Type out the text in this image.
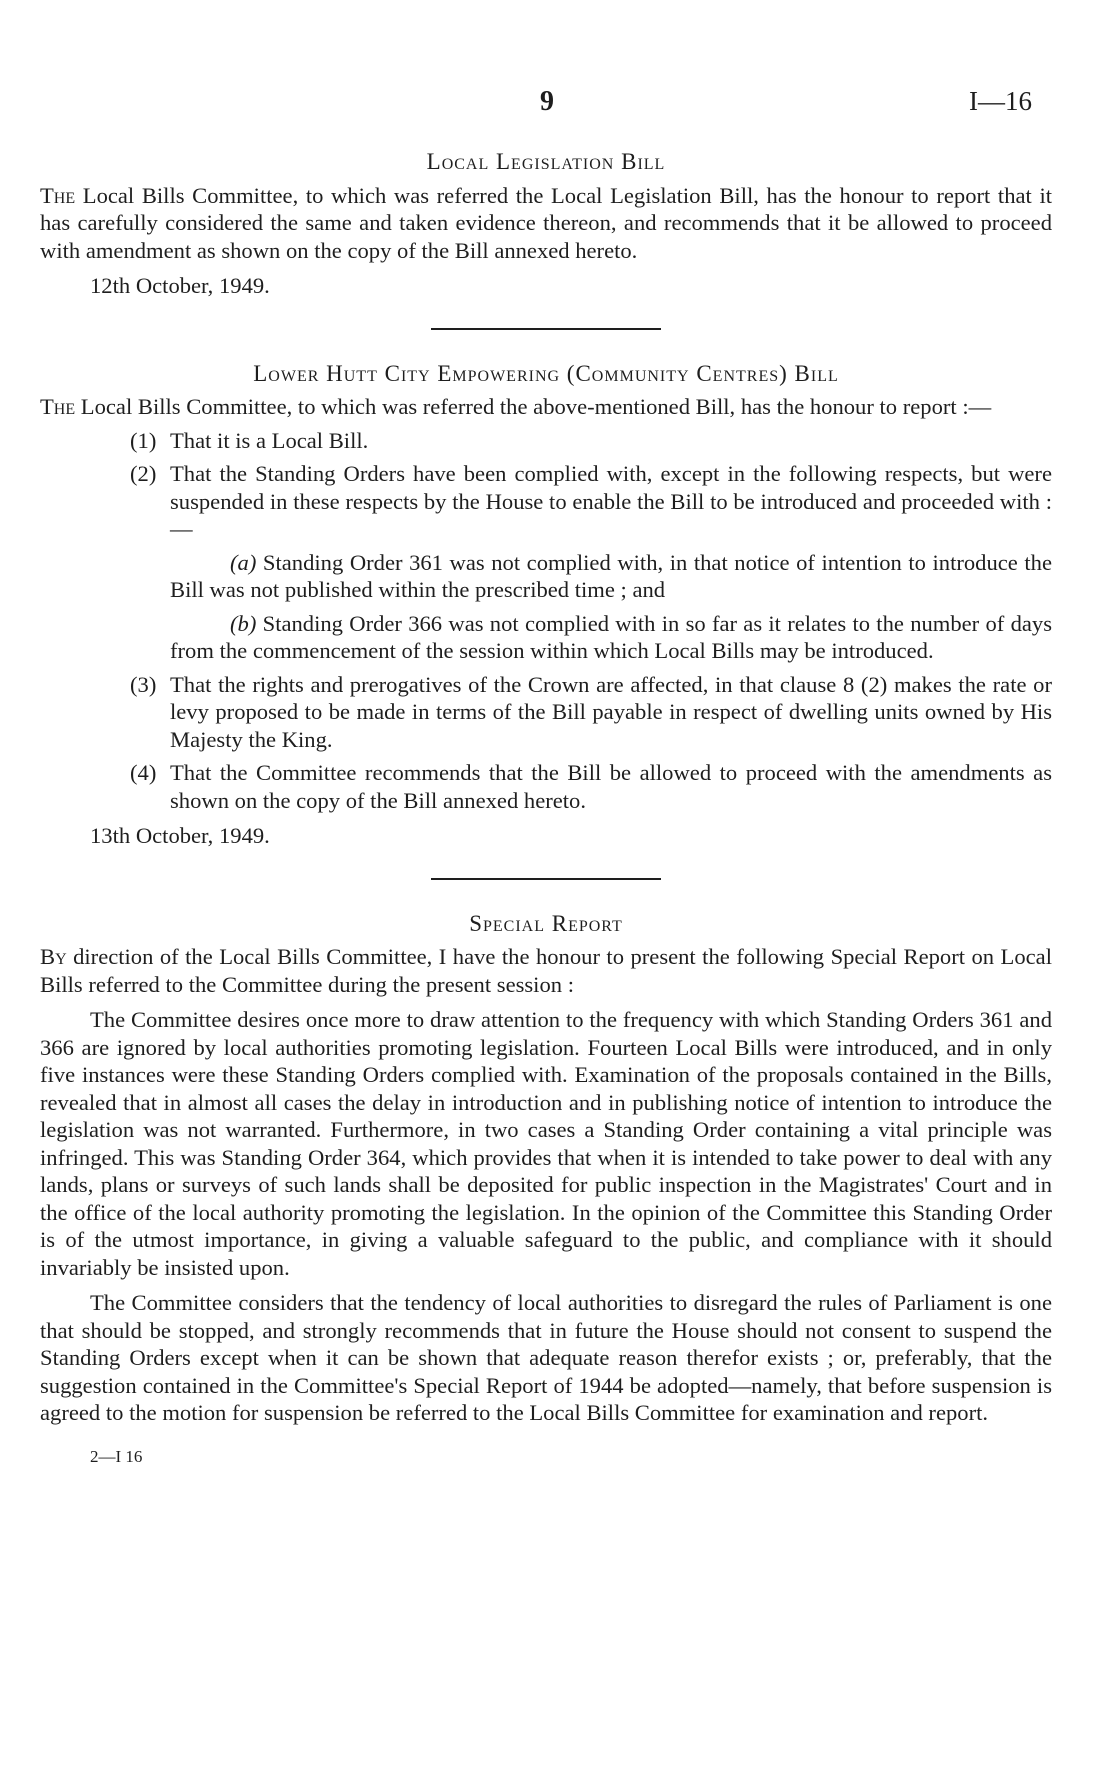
9	I—16
Local Legislation Bill

The Local Bills Committee, to which was referred the Local Legislation Bill, has the honour to report that it has carefully considered the same and taken evidence thereon, and recommends that it be allowed to proceed with amendment as shown on the copy of the Bill annexed hereto.

12th October, 1949.
Lower Hutt City Empowering (Community Centres) Bill

The Local Bills Committee, to which was referred the above-mentioned Bill, has the honour to report :—

(1) That it is a Local Bill.
(2) That the Standing Orders have been complied with, except in the following respects, but were suspended in these respects by the House to enable the Bill to be introduced and proceeded with :—
(a) Standing Order 361 was not complied with, in that notice of intention to introduce the Bill was not published within the prescribed time ; and
(b) Standing Order 366 was not complied with in so far as it relates to the number of days from the commencement of the session within which Local Bills may be introduced.
(3) That the rights and prerogatives of the Crown are affected, in that clause 8 (2) makes the rate or levy proposed to be made in terms of the Bill payable in respect of dwelling units owned by His Majesty the King.
(4) That the Committee recommends that the Bill be allowed to proceed with the amendments as shown on the copy of the Bill annexed hereto.
13th October, 1949.
Special Report

By direction of the Local Bills Committee, I have the honour to present the following Special Report on Local Bills referred to the Committee during the present session :

The Committee desires once more to draw attention to the frequency with which Standing Orders 361 and 366 are ignored by local authorities promoting legislation. Fourteen Local Bills were introduced, and in only five instances were these Standing Orders complied with. Examination of the proposals contained in the Bills, revealed that in almost all cases the delay in introduction and in publishing notice of intention to introduce the legislation was not warranted. Furthermore, in two cases a Standing Order containing a vital principle was infringed. This was Standing Order 364, which provides that when it is intended to take power to deal with any lands, plans or surveys of such lands shall be deposited for public inspection in the Magistrates' Court and in the office of the local authority promoting the legislation. In the opinion of the Committee this Standing Order is of the utmost importance, in giving a valuable safeguard to the public, and compliance with it should invariably be insisted upon.

The Committee considers that the tendency of local authorities to disregard the rules of Parliament is one that should be stopped, and strongly recommends that in future the House should not consent to suspend the Standing Orders except when it can be shown that adequate reason therefor exists ; or, preferably, that the suggestion contained in the Committee's Special Report of 1944 be adopted—namely, that before suspension is agreed to the motion for suspension be referred to the Local Bills Committee for examination and report.

2—I 16
